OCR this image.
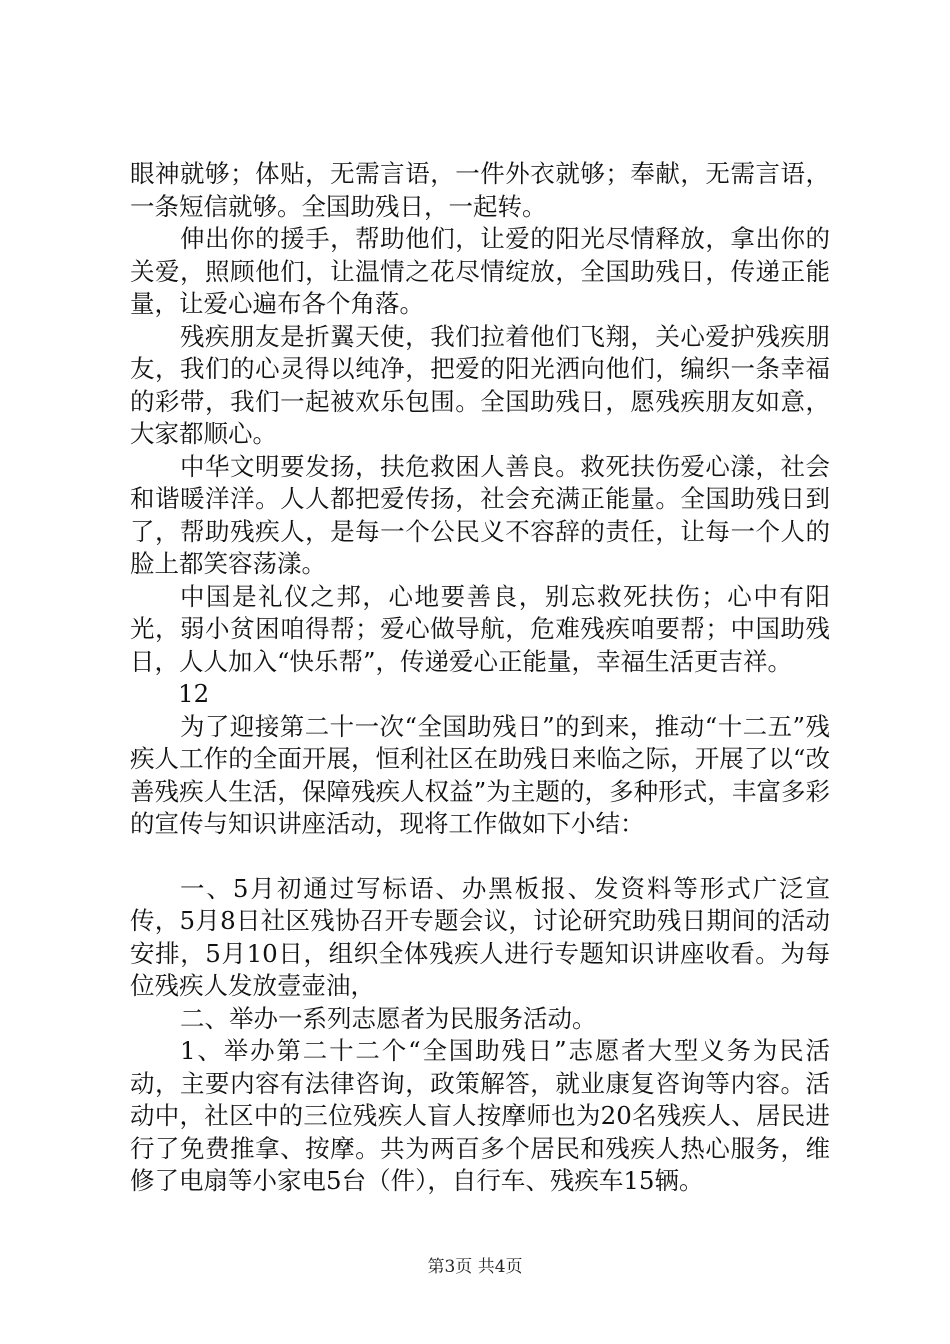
眼神就够；体贴，无需言语，一件外衣就够；奉献，无需言语，一条短信就够。全国助残日，一起转。

伸出你的援手，帮助他们，让爱的阳光尽情释放，拿出你的关爱，照顾他们，让温情之花尽情绽放，全国助残日，传递正能量，让爱心遍布各个角落。

残疾朋友是折翼天使，我们拉着他们飞翔，关心爱护残疾朋友，我们的心灵得以纯净，把爱的阳光洒向他们，编织一条幸福的彩带，我们一起被欢乐包围。全国助残日，愿残疾朋友如意，大家都顺心。

中华文明要发扬，扶危救困人善良。救死扶伤爱心漾，社会和谐暖洋洋。人人都把爱传扬，社会充满正能量。全国助残日到了，帮助残疾人，是每一个公民义不容辞的责任，让每一个人的脸上都笑容荡漾。

中国是礼仪之邦，心地要善良，别忘救死扶伤；心中有阳光，弱小贫困咱得帮；爱心做导航，危难残疾咱要帮；中国助残日，人人加入“快乐帮”，传递爱心正能量，幸福生活更吉祥。

12

为了迎接第二十一次“全国助残日”的到来，推动“十二五”残疾人工作的全面开展，恒利社区在助残日来临之际，开展了以“改善残疾人生活，保障残疾人权益”为主题的，多种形式，丰富多彩的宣传与知识讲座活动，现将工作做如下小结：

一、5月初通过写标语、办黑板报、发资料等形式广泛宣传，5月8日社区残协召开专题会议，讨论研究助残日期间的活动安排，5月10日，组织全体残疾人进行专题知识讲座收看。为每位残疾人发放壹壶油，

二、举办一系列志愿者为民服务活动。

1、举办第二十二个“全国助残日”志愿者大型义务为民活动，主要内容有法律咨询，政策解答，就业康复咨询等内容。活动中，社区中的三位残疾人盲人按摩师也为20名残疾人、居民进行了免费推拿、按摩。共为两百多个居民和残疾人热心服务，维修了电扇等小家电5台（件），自行车、残疾车15辆。

第3页 共4页
